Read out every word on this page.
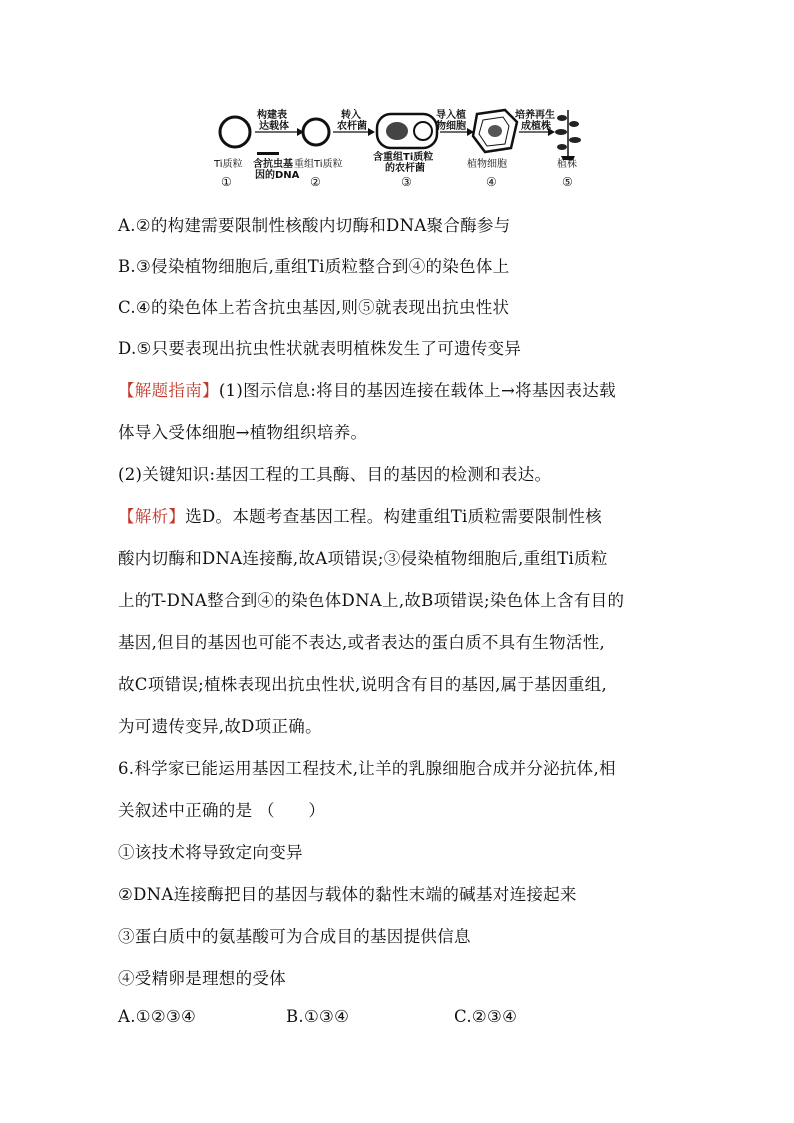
构建表
达载体
转入
农杆菌
导入植
物细胞
培养再生
成植株
Ti质粒 含抗虫基
因的DNA
重组Ti质粒
含重组Ti质粒
的农杆菌	植物细胞	植株
①	②	③	④	⑤
A.②的构建需要限制性核酸内切酶和DNA聚合酶参与
B.③侵染植物细胞后,重组Ti质粒整合到④的染色体上
C.④的染色体上若含抗虫基因,则⑤就表现出抗虫性状
D.⑤只要表现出抗虫性状就表明植株发生了可遗传变异
【解题指南】(1)图示信息:将目的基因连接在载体上→将基因表达载
体导入受体细胞→植物组织培养。
(2)关键知识:基因工程的工具酶、目的基因的检测和表达。
【解析】选D。本题考查基因工程。构建重组Ti质粒需要限制性核
酸内切酶和DNA连接酶,故A项错误;③侵染植物细胞后,重组Ti质粒
上的T-DNA整合到④的染色体DNA上,故B项错误;染色体上含有目的
基因,但目的基因也可能不表达,或者表达的蛋白质不具有生物活性,
故C项错误;植株表现出抗虫性状,说明含有目的基因,属于基因重组,
为可遗传变异,故D项正确。
6.科学家已能运用基因工程技术,让羊的乳腺细胞合成并分泌抗体,相
关叙述中正确的是 （　　）
①该技术将导致定向变异
②DNA连接酶把目的基因与载体的黏性末端的碱基对连接起来
③蛋白质中的氨基酸可为合成目的基因提供信息
④受精卵是理想的受体
A.①②③④	B.①③④	C.②③④
